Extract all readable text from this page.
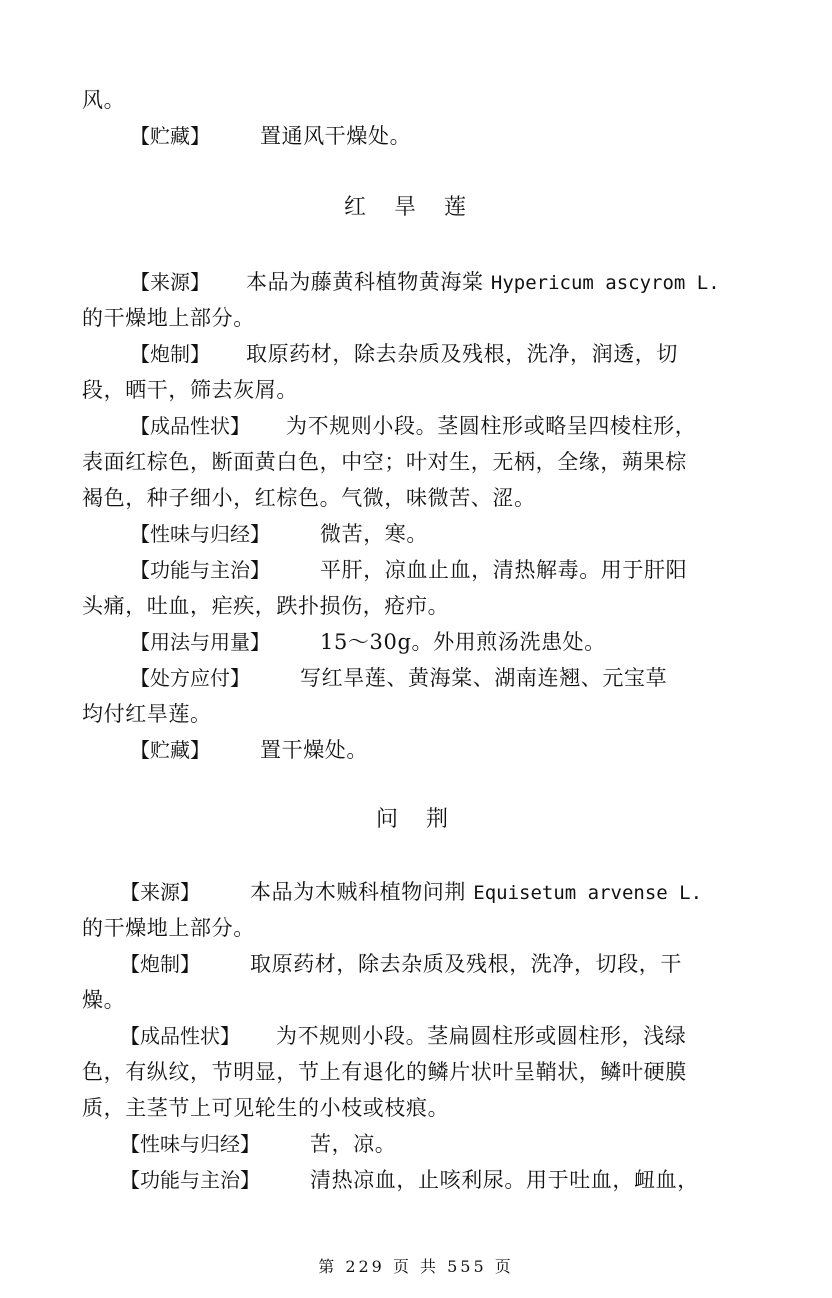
风。
【贮藏】 置通风干燥处。
红旱莲
【来源】 本品为藤黄科植物黄海棠 Hypericum ascyrom L.
的干燥地上部分。
【炮制】 取原药材，除去杂质及残根，洗净，润透，切
段，晒干，筛去灰屑。
【成品性状】 为不规则小段。茎圆柱形或略呈四棱柱形，
表面红棕色，断面黄白色，中空；叶对生，无柄，全缘，蒴果棕
褐色，种子细小，红棕色。气微，味微苦、涩。
【性味与归经】 微苦，寒。
【功能与主治】 平肝，凉血止血，清热解毒。用于肝阳
头痛，吐血，疟疾，跌扑损伤，疮疖。
【用法与用量】 15～30g。外用煎汤洗患处。
【处方应付】 写红旱莲、黄海棠、湖南连翘、元宝草
均付红旱莲。
【贮藏】 置干燥处。
问荆
【来源】 本品为木贼科植物问荆 Equisetum arvense L.
的干燥地上部分。
【炮制】 取原药材，除去杂质及残根，洗净，切段，干
燥。
【成品性状】 为不规则小段。茎扁圆柱形或圆柱形，浅绿
色，有纵纹，节明显，节上有退化的鳞片状叶呈鞘状，鳞叶硬膜
质，主茎节上可见轮生的小枝或枝痕。
【性味与归经】 苦，凉。
【功能与主治】 清热凉血，止咳利尿。用于吐血，衄血，
第 229 页 共 555 页
